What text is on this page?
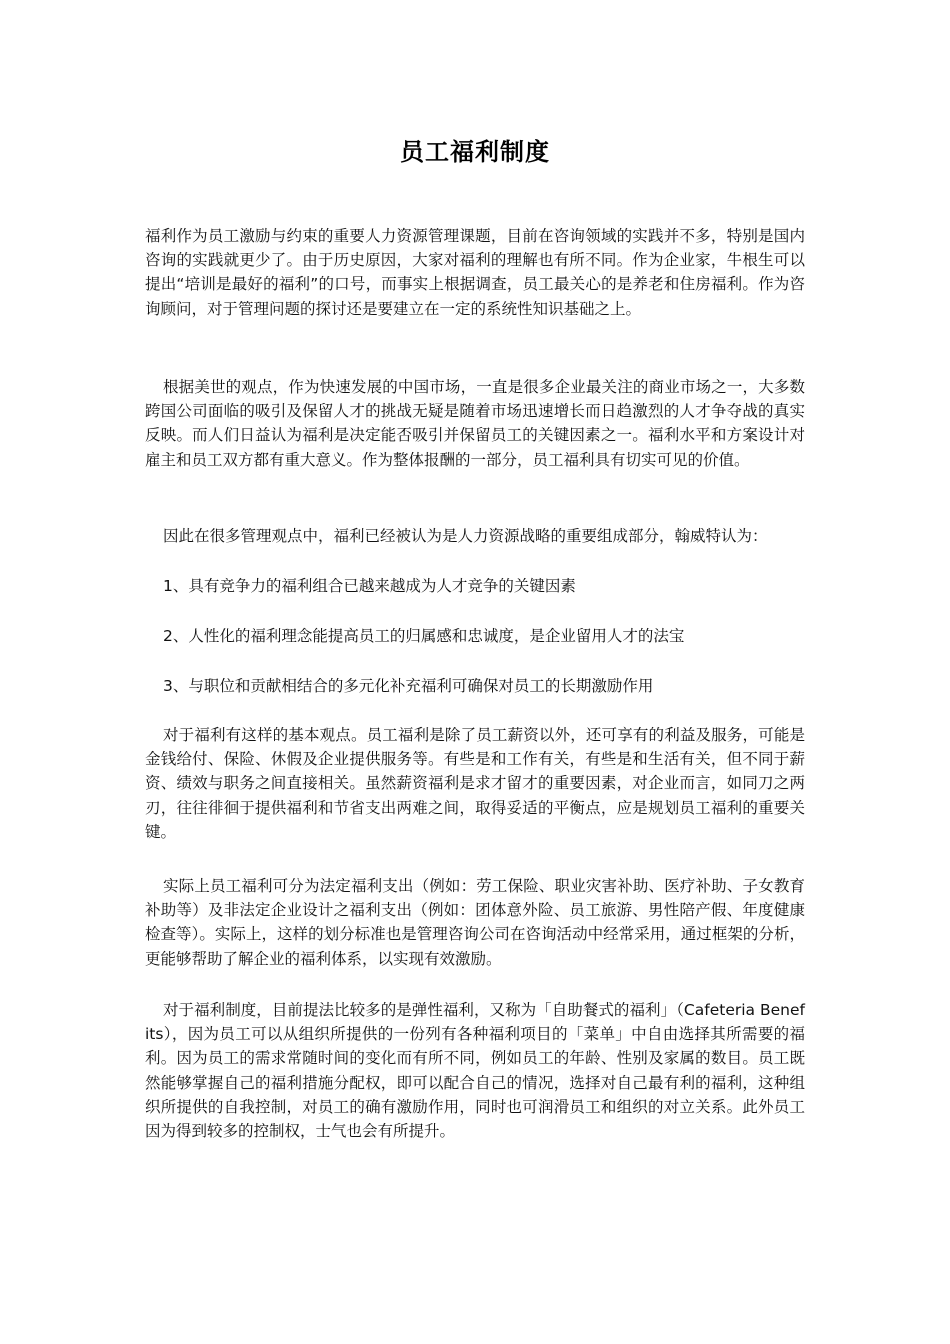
员工福利制度

福利作为员工激励与约束的重要人力资源管理课题，目前在咨询领域的实践并不多，特别是国内咨询的实践就更少了。由于历史原因，大家对福利的理解也有所不同。作为企业家，牛根生可以提出“培训是最好的福利”的口号，而事实上根据调查，员工最关心的是养老和住房福利。作为咨询顾问，对于管理问题的探讨还是要建立在一定的系统性知识基础之上。

根据美世的观点，作为快速发展的中国市场，一直是很多企业最关注的商业市场之一，大多数跨国公司面临的吸引及保留人才的挑战无疑是随着市场迅速增长而日趋激烈的人才争夺战的真实反映。而人们日益认为福利是决定能否吸引并保留员工的关键因素之一。福利水平和方案设计对雇主和员工双方都有重大意义。作为整体报酬的一部分，员工福利具有切实可见的价值。

因此在很多管理观点中，福利已经被认为是人力资源战略的重要组成部分，翰威特认为：

1、具有竞争力的福利组合已越来越成为人才竞争的关键因素

2、人性化的福利理念能提高员工的归属感和忠诚度，是企业留用人才的法宝

3、与职位和贡献相结合的多元化补充福利可确保对员工的长期激励作用

对于福利有这样的基本观点。员工福利是除了员工薪资以外，还可享有的利益及服务，可能是金钱给付、保险、休假及企业提供服务等。有些是和工作有关，有些是和生活有关，但不同于薪资、绩效与职务之间直接相关。虽然薪资福利是求才留才的重要因素，对企业而言，如同刀之两刃，往往徘徊于提供福利和节省支出两难之间，取得妥适的平衡点，应是规划员工福利的重要关键。

实际上员工福利可分为法定福利支出（例如：劳工保险、职业灾害补助、医疗补助、子女教育补助等）及非法定企业设计之福利支出（例如：团体意外险、员工旅游、男性陪产假、年度健康检查等）。实际上，这样的划分标准也是管理咨询公司在咨询活动中经常采用，通过框架的分析，更能够帮助了解企业的福利体系，以实现有效激励。

对于福利制度，目前提法比较多的是弹性福利，又称为「自助餐式的福利」（Cafeteria Benefits），因为员工可以从组织所提供的一份列有各种福利项目的「菜单」中自由选择其所需要的福利。因为员工的需求常随时间的变化而有所不同，例如员工的年龄、性别及家属的数目。员工既然能够掌握自己的福利措施分配权，即可以配合自己的情况，选择对自己最有利的福利，这种组织所提供的自我控制，对员工的确有激励作用，同时也可润滑员工和组织的对立关系。此外员工因为得到较多的控制权，士气也会有所提升。
